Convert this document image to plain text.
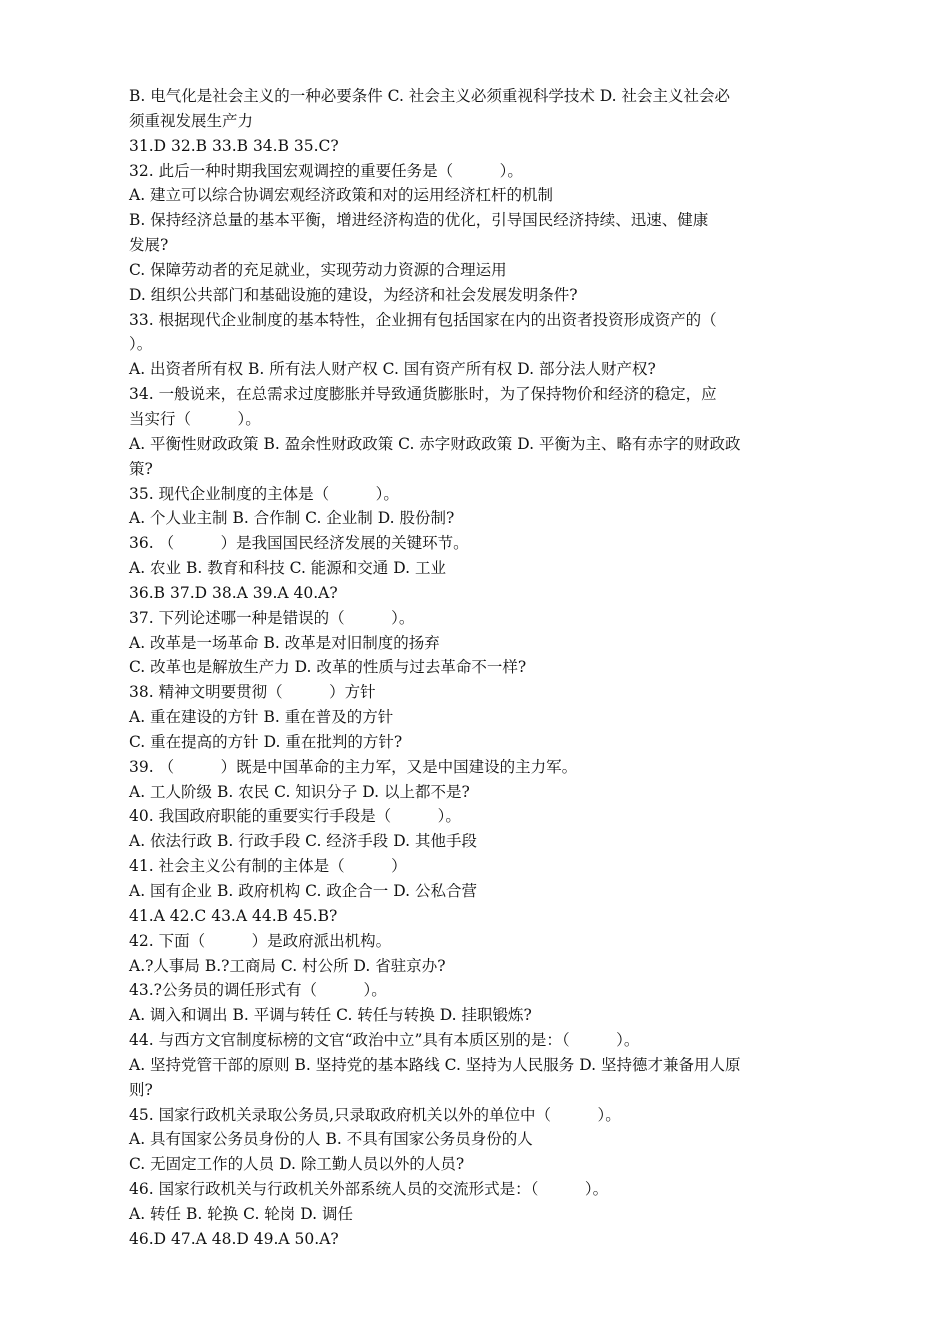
B. 电气化是社会主义的一种必要条件 C. 社会主义必须重视科学技术 D. 社会主义社会必
须重视发展生产力
31.D 32.B 33.B 34.B 35.C?
32. 此后一种时期我国宏观调控的重要任务是（　　　）。
A. 建立可以综合协调宏观经济政策和对的运用经济杠杆的机制
B. 保持经济总量的基本平衡，增进经济构造的优化，引导国民经济持续、迅速、健康
发展?
C. 保障劳动者的充足就业，实现劳动力资源的合理运用
D. 组织公共部门和基础设施的建设，为经济和社会发展发明条件?
33. 根据现代企业制度的基本特性，企业拥有包括国家在内的出资者投资形成资产的（
）。
A. 出资者所有权 B. 所有法人财产权 C. 国有资产所有权 D. 部分法人财产权?
34. 一般说来，在总需求过度膨胀并导致通货膨胀时，为了保持物价和经济的稳定，应
当实行（　　　）。
A. 平衡性财政政策 B. 盈余性财政政策 C. 赤字财政政策 D. 平衡为主、略有赤字的财政政
策?
35. 现代企业制度的主体是（　　　）。
A. 个人业主制 B. 合作制 C. 企业制 D. 股份制?
36. （　　　）是我国国民经济发展的关键环节。
A. 农业 B. 教育和科技 C. 能源和交通 D. 工业
36.B 37.D 38.A 39.A 40.A?
37. 下列论述哪一种是错误的（　　　）。
A. 改革是一场革命 B. 改革是对旧制度的扬弃
C. 改革也是解放生产力 D. 改革的性质与过去革命不一样?
38. 精神文明要贯彻（　　　）方针
A. 重在建设的方针 B. 重在普及的方针
C. 重在提高的方针 D. 重在批判的方针?
39. （　　　）既是中国革命的主力军，又是中国建设的主力军。
A. 工人阶级 B. 农民 C. 知识分子 D. 以上都不是?
40. 我国政府职能的重要实行手段是（　　　）。
A. 依法行政 B. 行政手段 C. 经济手段 D. 其他手段
41. 社会主义公有制的主体是（　　　）
A. 国有企业 B. 政府机构 C. 政企合一 D. 公私合营
41.A 42.C 43.A 44.B 45.B?
42. 下面（　　　）是政府派出机构。
A.?人事局 B.?工商局 C. 村公所 D. 省驻京办?
43.?公务员的调任形式有（　　　）。
A. 调入和调出 B. 平调与转任 C. 转任与转换 D. 挂职锻炼?
44. 与西方文官制度标榜的文官“政治中立”具有本质区别的是：（　　　）。
A. 坚持党管干部的原则 B. 坚持党的基本路线 C. 坚持为人民服务 D. 坚持德才兼备用人原
则?
45. 国家行政机关录取公务员,只录取政府机关以外的单位中（　　　）。
A. 具有国家公务员身份的人 B. 不具有国家公务员身份的人
C. 无固定工作的人员 D. 除工勤人员以外的人员?
46. 国家行政机关与行政机关外部系统人员的交流形式是：（　　　）。
A. 转任 B. 轮换 C. 轮岗 D. 调任
46.D 47.A 48.D 49.A 50.A?
